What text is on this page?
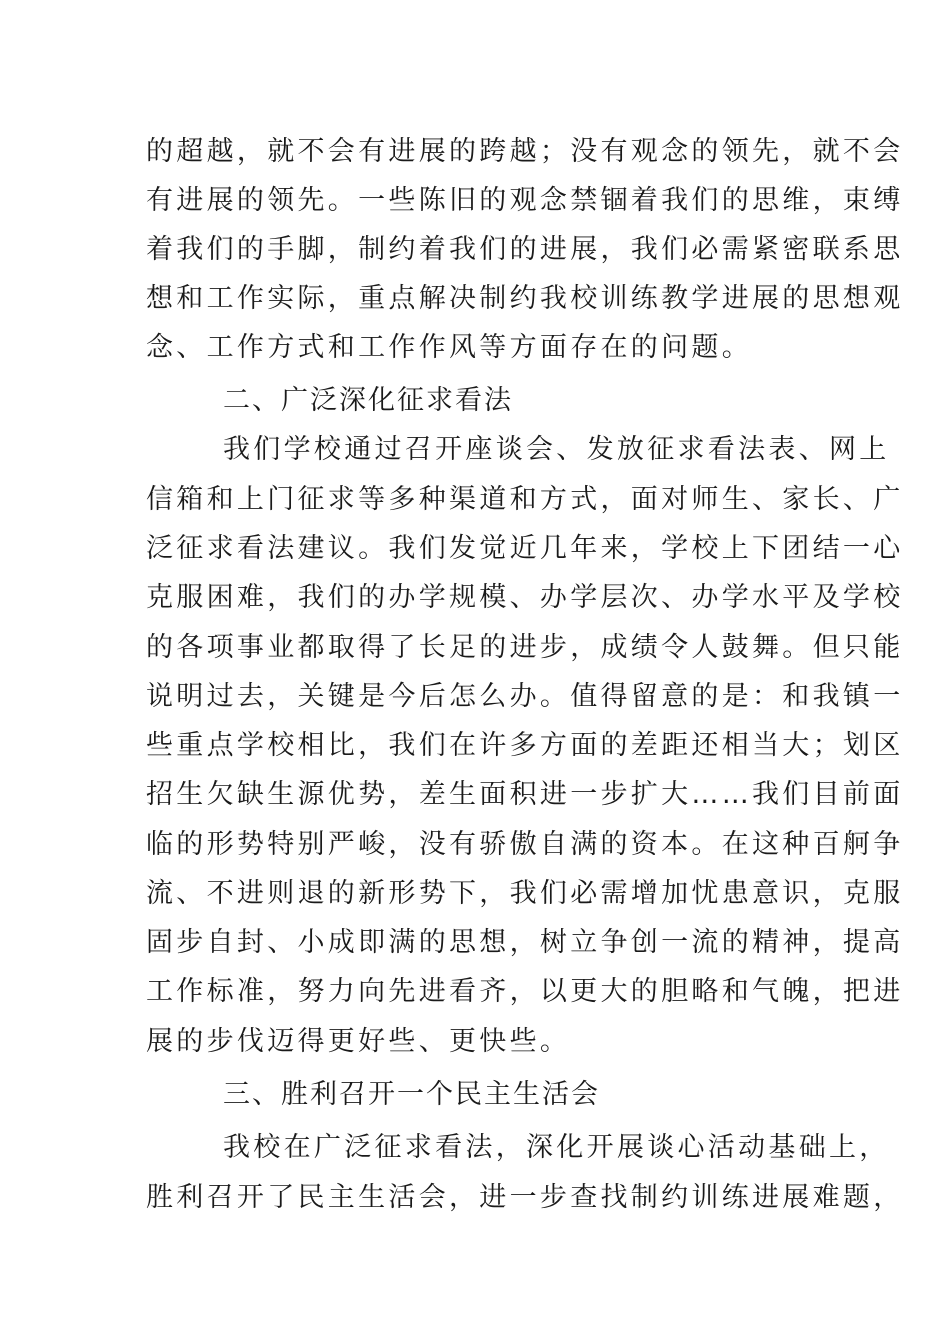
的超越，就不会有进展的跨越；没有观念的领先，就不会
有进展的领先。一些陈旧的观念禁锢着我们的思维，束缚
着我们的手脚，制约着我们的进展，我们必需紧密联系思
想和工作实际，重点解决制约我校训练教学进展的思想观
念、工作方式和工作作风等方面存在的问题。
二、广泛深化征求看法
我们学校通过召开座谈会、发放征求看法表、网上
信箱和上门征求等多种渠道和方式，面对师生、家长、广
泛征求看法建议。我们发觉近几年来，学校上下团结一心
克服困难，我们的办学规模、办学层次、办学水平及学校
的各项事业都取得了长足的进步，成绩令人鼓舞。但只能
说明过去，关键是今后怎么办。值得留意的是：和我镇一
些重点学校相比，我们在许多方面的差距还相当大；划区
招生欠缺生源优势，差生面积进一步扩大……我们目前面
临的形势特别严峻，没有骄傲自满的资本。在这种百舸争
流、不进则退的新形势下，我们必需增加忧患意识，克服
固步自封、小成即满的思想，树立争创一流的精神，提高
工作标准，努力向先进看齐，以更大的胆略和气魄，把进
展的步伐迈得更好些、更快些。
三、胜利召开一个民主生活会
我校在广泛征求看法，深化开展谈心活动基础上，
胜利召开了民主生活会，进一步查找制约训练进展难题，
